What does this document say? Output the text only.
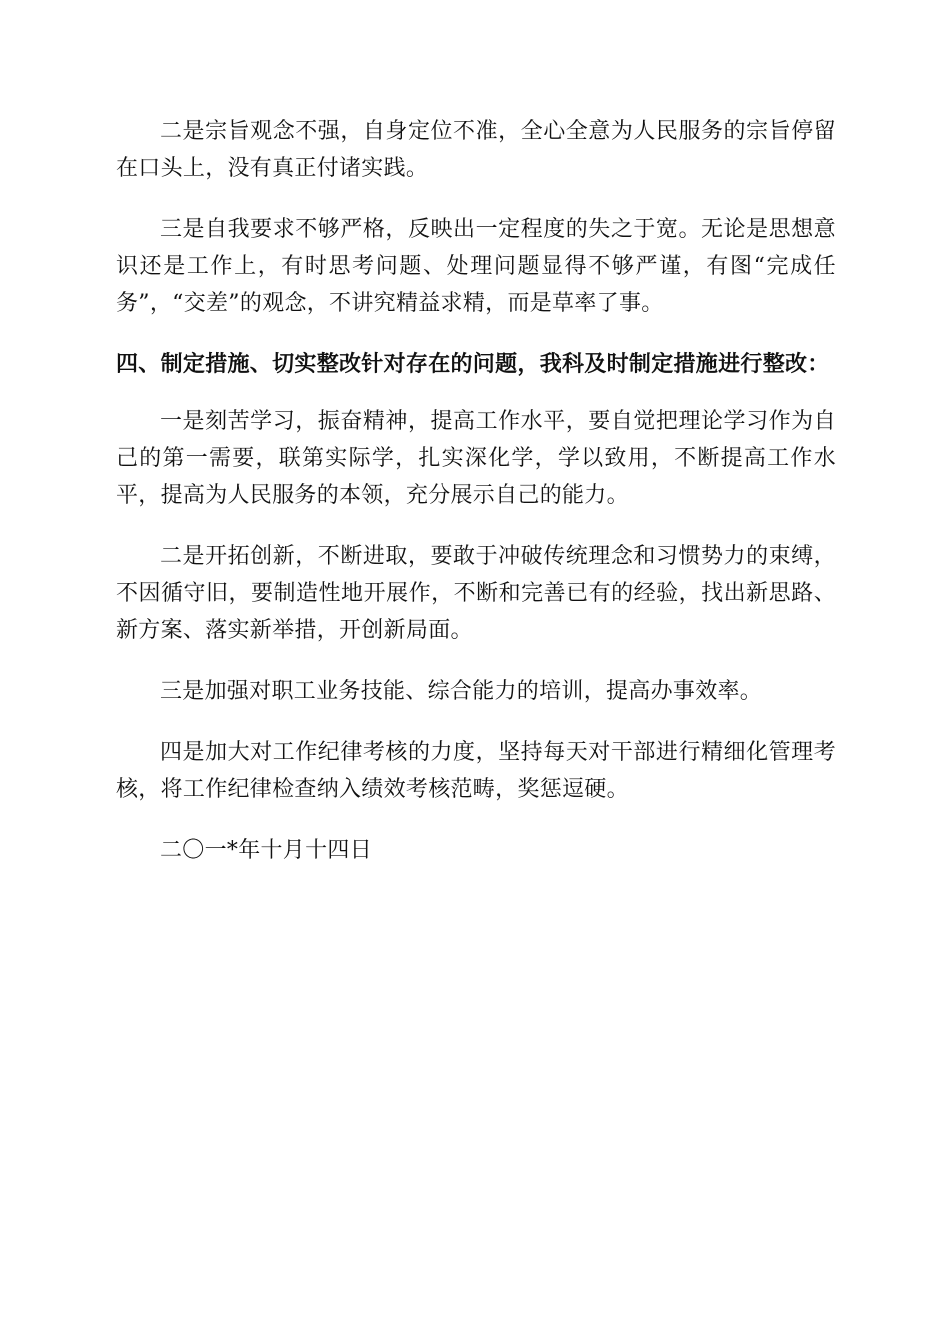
二是宗旨观念不强，自身定位不准，全心全意为人民服务的宗旨停留在口头上，没有真正付诸实践。

三是自我要求不够严格，反映出一定程度的失之于宽。无论是思想意识还是工作上，有时思考问题、处理问题显得不够严谨，有图“完成任务”，“交差”的观念，不讲究精益求精，而是草率了事。

四、制定措施、切实整改针对存在的问题，我科及时制定措施进行整改：

一是刻苦学习，振奋精神，提高工作水平，要自觉把理论学习作为自己的第一需要，联第实际学，扎实深化学，学以致用，不断提高工作水平，提高为人民服务的本领，充分展示自己的能力。

二是开拓创新，不断进取，要敢于冲破传统理念和习惯势力的束缚，不因循守旧，要制造性地开展作，不断和完善已有的经验，找出新思路、新方案、落实新举措，开创新局面。

三是加强对职工业务技能、综合能力的培训，提高办事效率。

四是加大对工作纪律考核的力度，坚持每天对干部进行精细化管理考核，将工作纪律检查纳入绩效考核范畴，奖惩逗硬。

二〇一*年十月十四日
